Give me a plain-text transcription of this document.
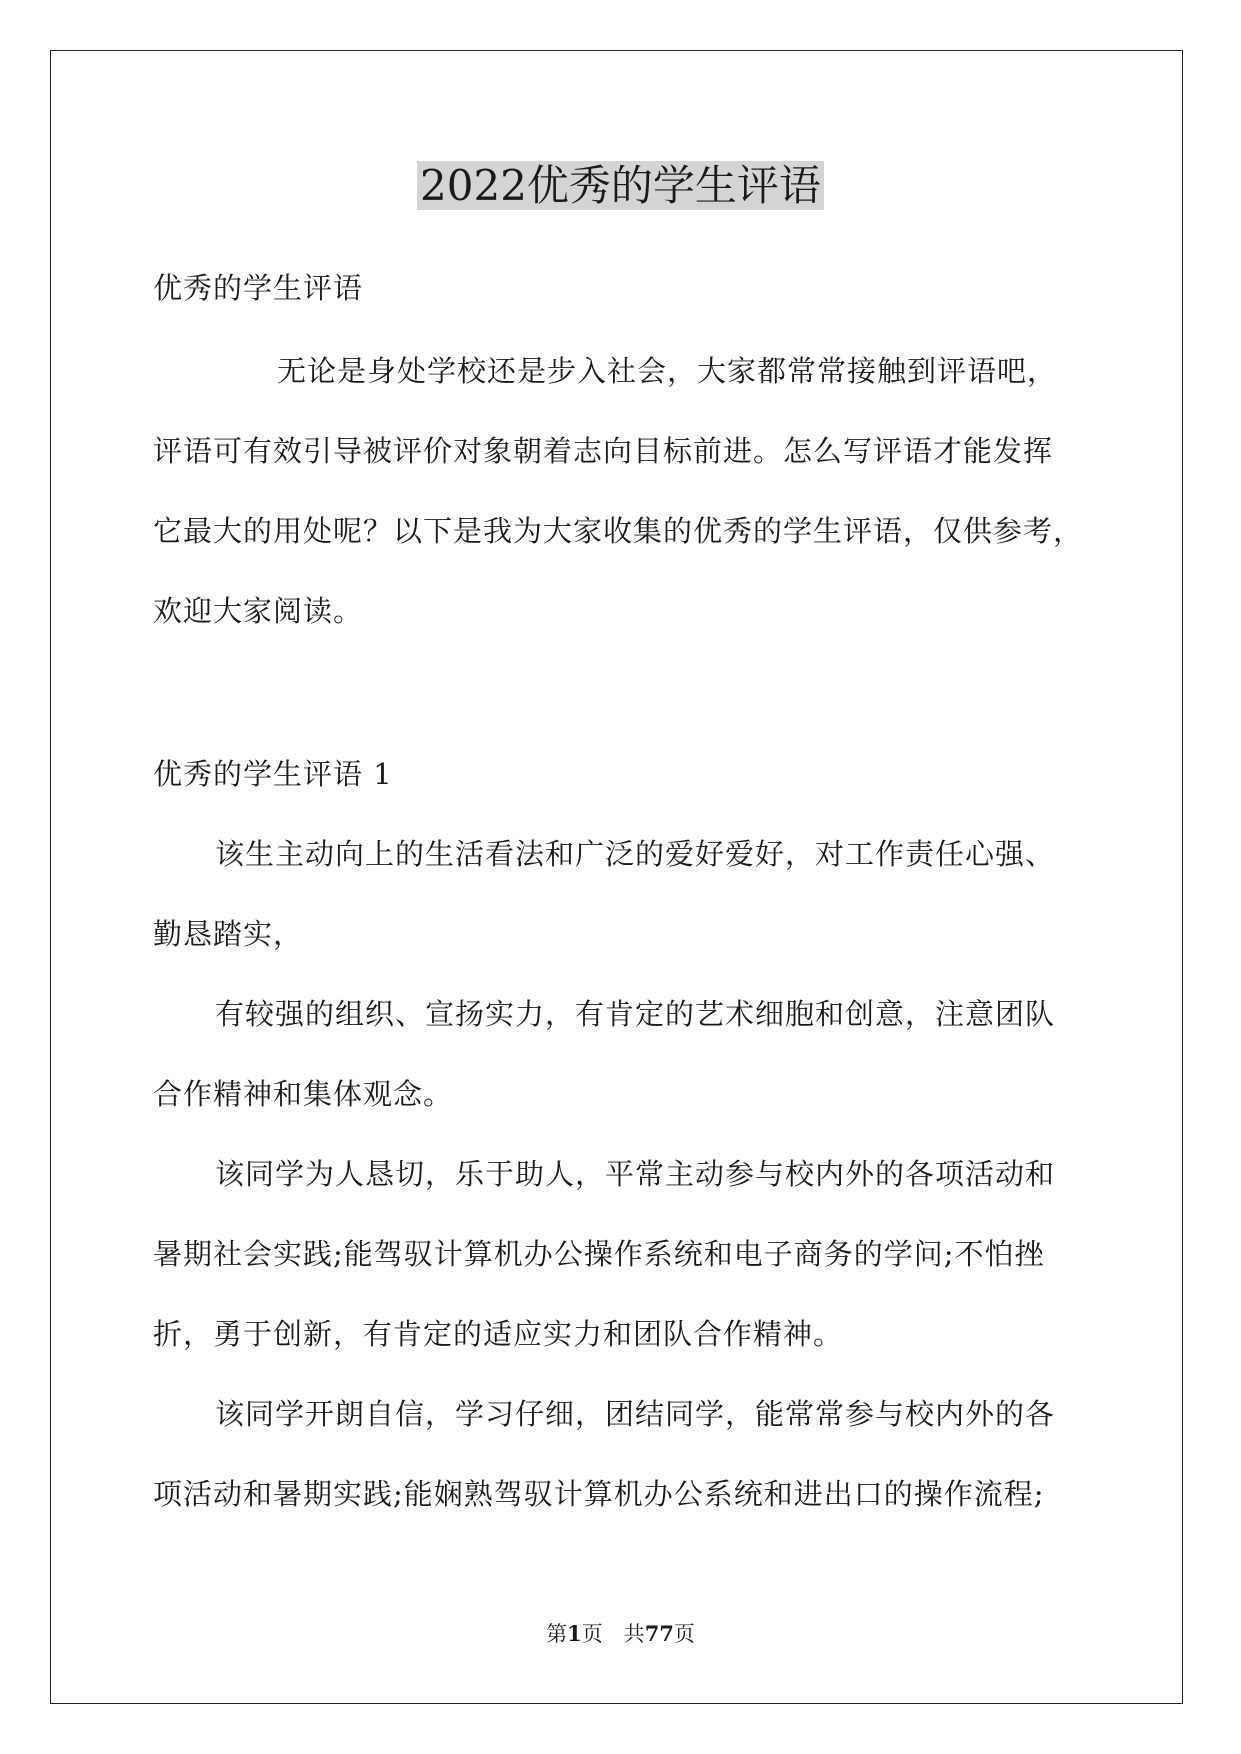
2022优秀的学生评语

优秀的学生评语

无论是身处学校还是步入社会，大家都常常接触到评语吧，

评语可有效引导被评价对象朝着志向目标前进。怎么写评语才能发挥

它最大的用处呢？以下是我为大家收集的优秀的学生评语，仅供参考，

欢迎大家阅读。

优秀的学生评语 1

该生主动向上的生活看法和广泛的爱好爱好，对工作责任心强、

勤恳踏实，

有较强的组织、宣扬实力，有肯定的艺术细胞和创意，注意团队

合作精神和集体观念。

该同学为人恳切，乐于助人，平常主动参与校内外的各项活动和

暑期社会实践;能驾驭计算机办公操作系统和电子商务的学问;不怕挫

折，勇于创新，有肯定的适应实力和团队合作精神。

该同学开朗自信，学习仔细，团结同学，能常常参与校内外的各

项活动和暑期实践;能娴熟驾驭计算机办公系统和进出口的操作流程;

第1页　共77页
